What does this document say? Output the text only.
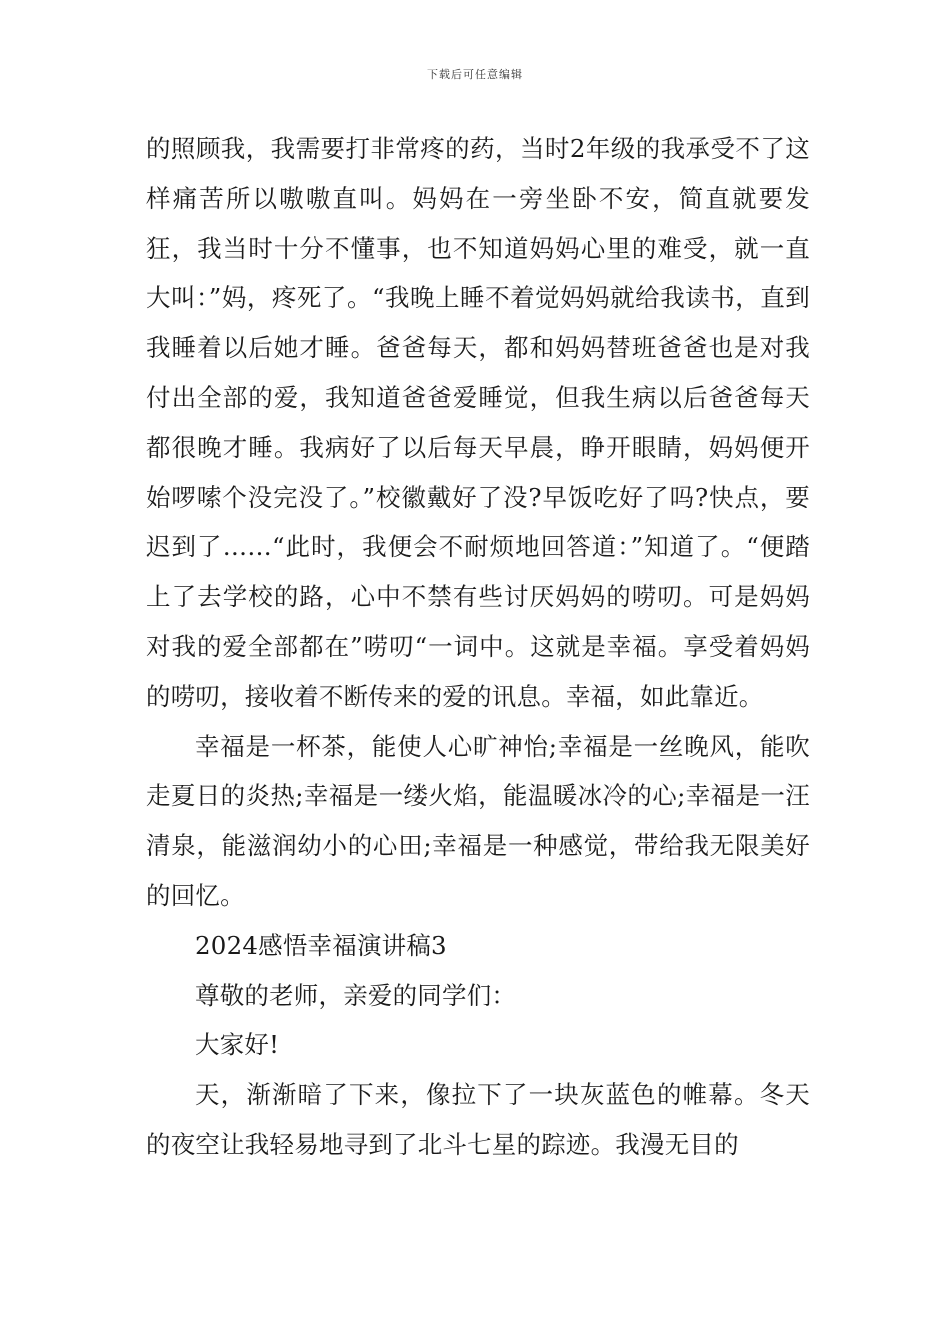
下载后可任意编辑

的照顾我，我需要打非常疼的药，当时2年级的我承受不了这样痛苦所以嗷嗷直叫。妈妈在一旁坐卧不安，简直就要发狂，我当时十分不懂事，也不知道妈妈心里的难受，就一直大叫：”妈，疼死了。“我晚上睡不着觉妈妈就给我读书，直到我睡着以后她才睡。爸爸每天，都和妈妈替班爸爸也是对我付出全部的爱，我知道爸爸爱睡觉，但我生病以后爸爸每天都很晚才睡。我病好了以后每天早晨，睁开眼睛，妈妈便开始啰嗦个没完没了。”校徽戴好了没?早饭吃好了吗?快点，要迟到了……“此时，我便会不耐烦地回答道：”知道了。“便踏上了去学校的路，心中不禁有些讨厌妈妈的唠叨。可是妈妈对我的爱全部都在”唠叨“一词中。这就是幸福。享受着妈妈的唠叨，接收着不断传来的爱的讯息。幸福，如此靠近。

幸福是一杯茶，能使人心旷神怡;幸福是一丝晚风，能吹走夏日的炎热;幸福是一缕火焰，能温暖冰冷的心;幸福是一汪清泉，能滋润幼小的心田;幸福是一种感觉，带给我无限美好的回忆。

2024感悟幸福演讲稿3

尊敬的老师，亲爱的同学们：

大家好!

天，渐渐暗了下来，像拉下了一块灰蓝色的帷幕。冬天的夜空让我轻易地寻到了北斗七星的踪迹。我漫无目的
